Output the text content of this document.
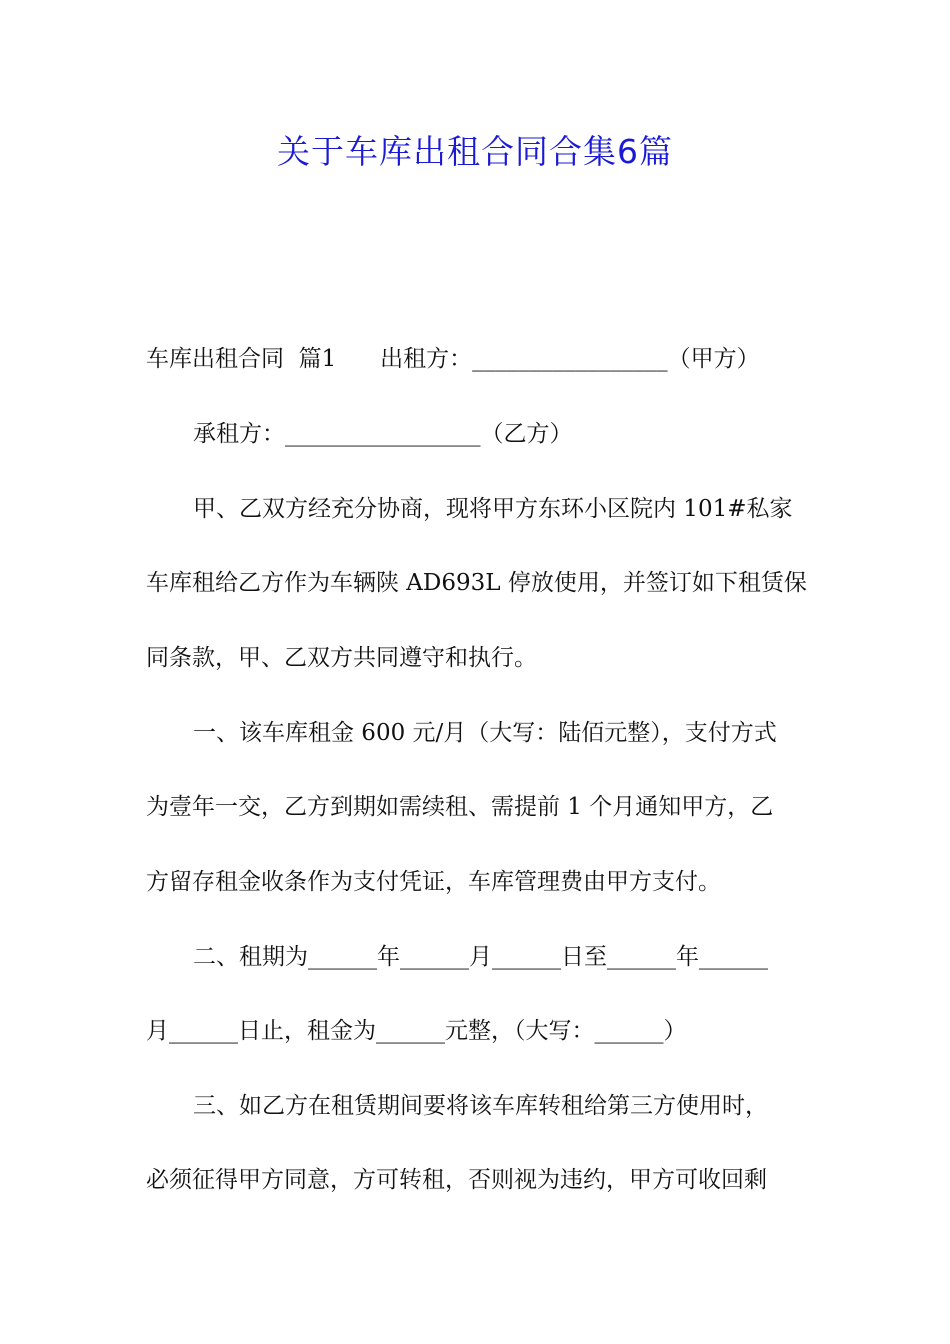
关于车库出租合同合集6篇
车库出租合同  篇1      出租方：_________________（甲方）
承租方：_________________（乙方）
甲、乙双方经充分协商，现将甲方东环小区院内 101#私家
车库租给乙方作为车辆陕 AD693L 停放使用，并签订如下租赁保
同条款，甲、乙双方共同遵守和执行。
一、该车库租金 600 元/月（大写：陆佰元整），支付方式
为壹年一交，乙方到期如需续租、需提前 1 个月通知甲方，乙
方留存租金收条作为支付凭证，车库管理费由甲方支付。
二、租期为______年______月______日至______年______
月______日止，租金为______元整，（大写：______）
三、如乙方在租赁期间要将该车库转租给第三方使用时，
必须征得甲方同意，方可转租，否则视为违约，甲方可收回剩
